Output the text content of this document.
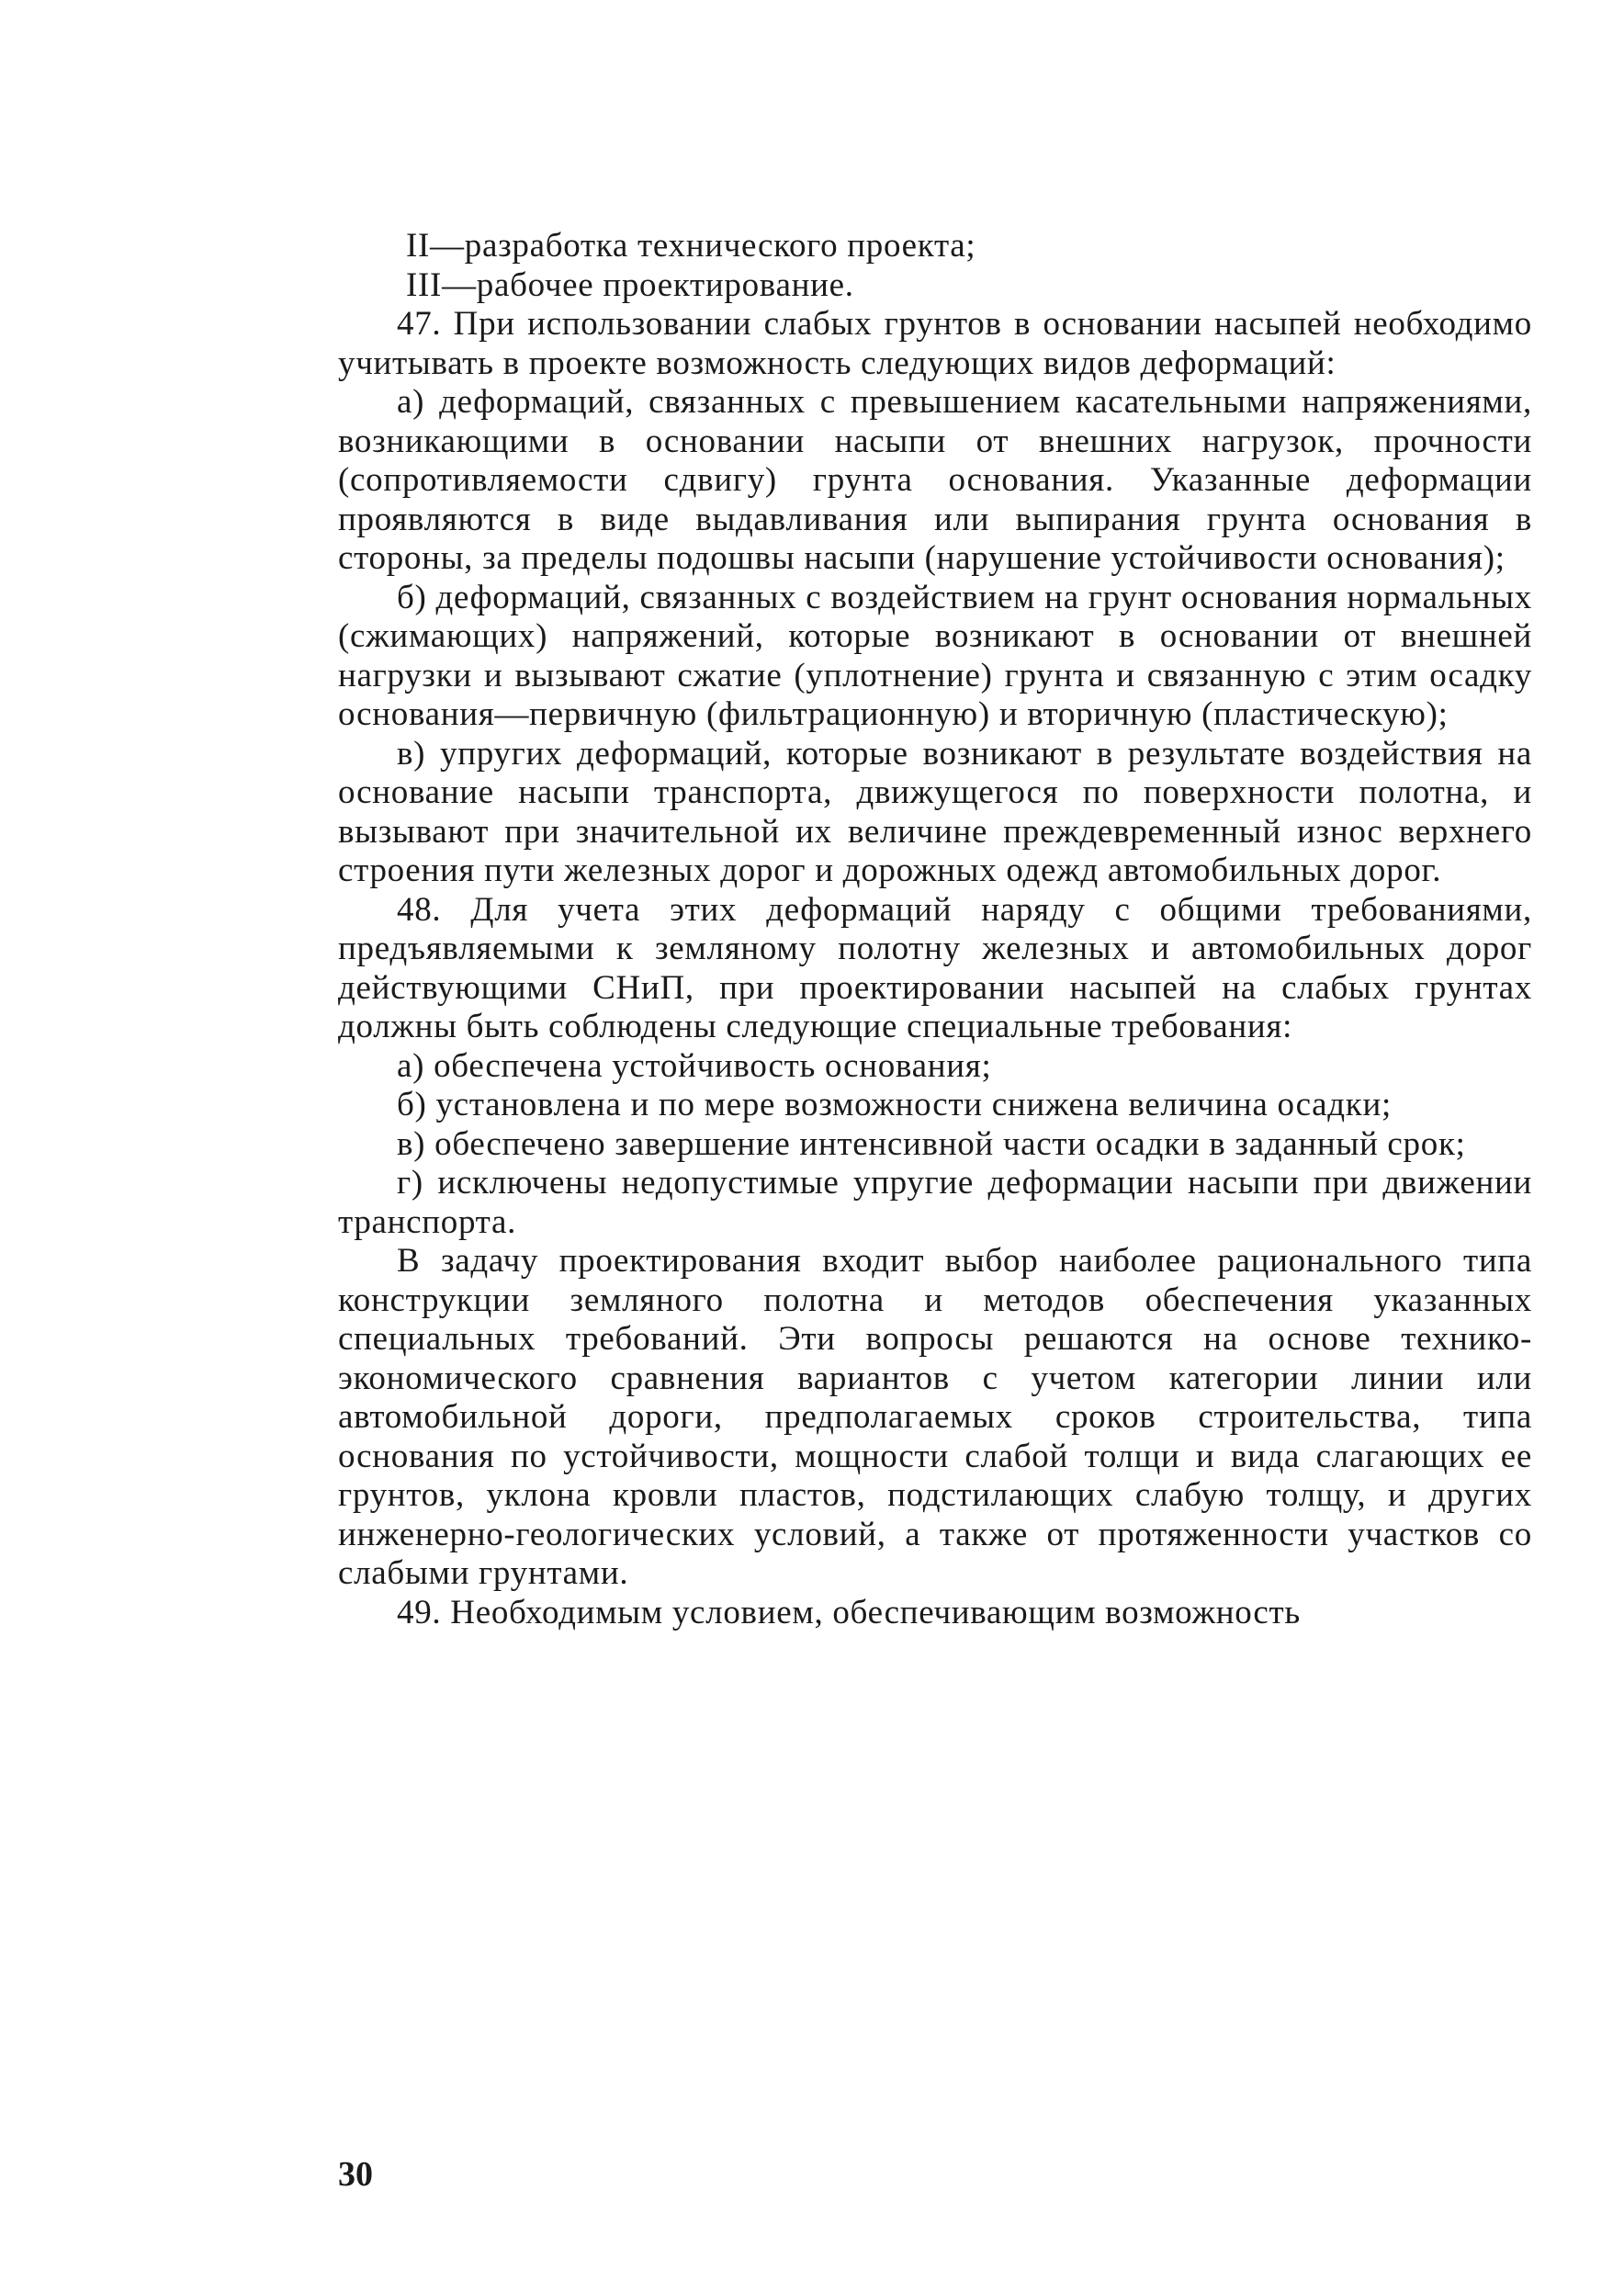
II—разработка технического проекта;

III—рабочее проектирование.

47. При использовании слабых грунтов в основании насыпей необходимо учитывать в проекте возможность следующих видов деформаций:

а) деформаций, связанных с превышением касательными напряжениями, возникающими в основании насыпи от внешних нагрузок, прочности (сопротивляемости сдвигу) грунта основания. Указанные деформации проявляются в виде выдавливания или выпирания грунта основания в стороны, за пределы подошвы насыпи (нарушение устойчивости основания);

б) деформаций, связанных с воздействием на грунт основания нормальных (сжимающих) напряжений, которые возникают в основании от внешней нагрузки и вызывают сжатие (уплотнение) грунта и связанную с этим осадку основания—первичную (фильтрационную) и вторичную (пластическую);

в) упругих деформаций, которые возникают в результате воздействия на основание насыпи транспорта, движущегося по поверхности полотна, и вызывают при значительной их величине преждевременный износ верхнего строения пути железных дорог и дорожных одежд автомобильных дорог.

48. Для учета этих деформаций наряду с общими требованиями, предъявляемыми к земляному полотну железных и автомобильных дорог действующими СНиП, при проектировании насыпей на слабых грунтах должны быть соблюдены следующие специальные требования:

а) обеспечена устойчивость основания;

б) установлена и по мере возможности снижена величина осадки;

в) обеспечено завершение интенсивной части осадки в заданный срок;

г) исключены недопустимые упругие деформации насыпи при движении транспорта.

В задачу проектирования входит выбор наиболее рационального типа конструкции земляного полотна и методов обеспечения указанных специальных требований. Эти вопросы решаются на основе технико-экономического сравнения вариантов с учетом категории линии или автомобильной дороги, предполагаемых сроков строительства, типа основания по устойчивости, мощности слабой толщи и вида слагающих ее грунтов, уклона кровли пластов, подстилающих слабую толщу, и других инженерно-геологических условий, а также от протяженности участков со слабыми грунтами.

49. Необходимым условием, обеспечивающим возможность

30
